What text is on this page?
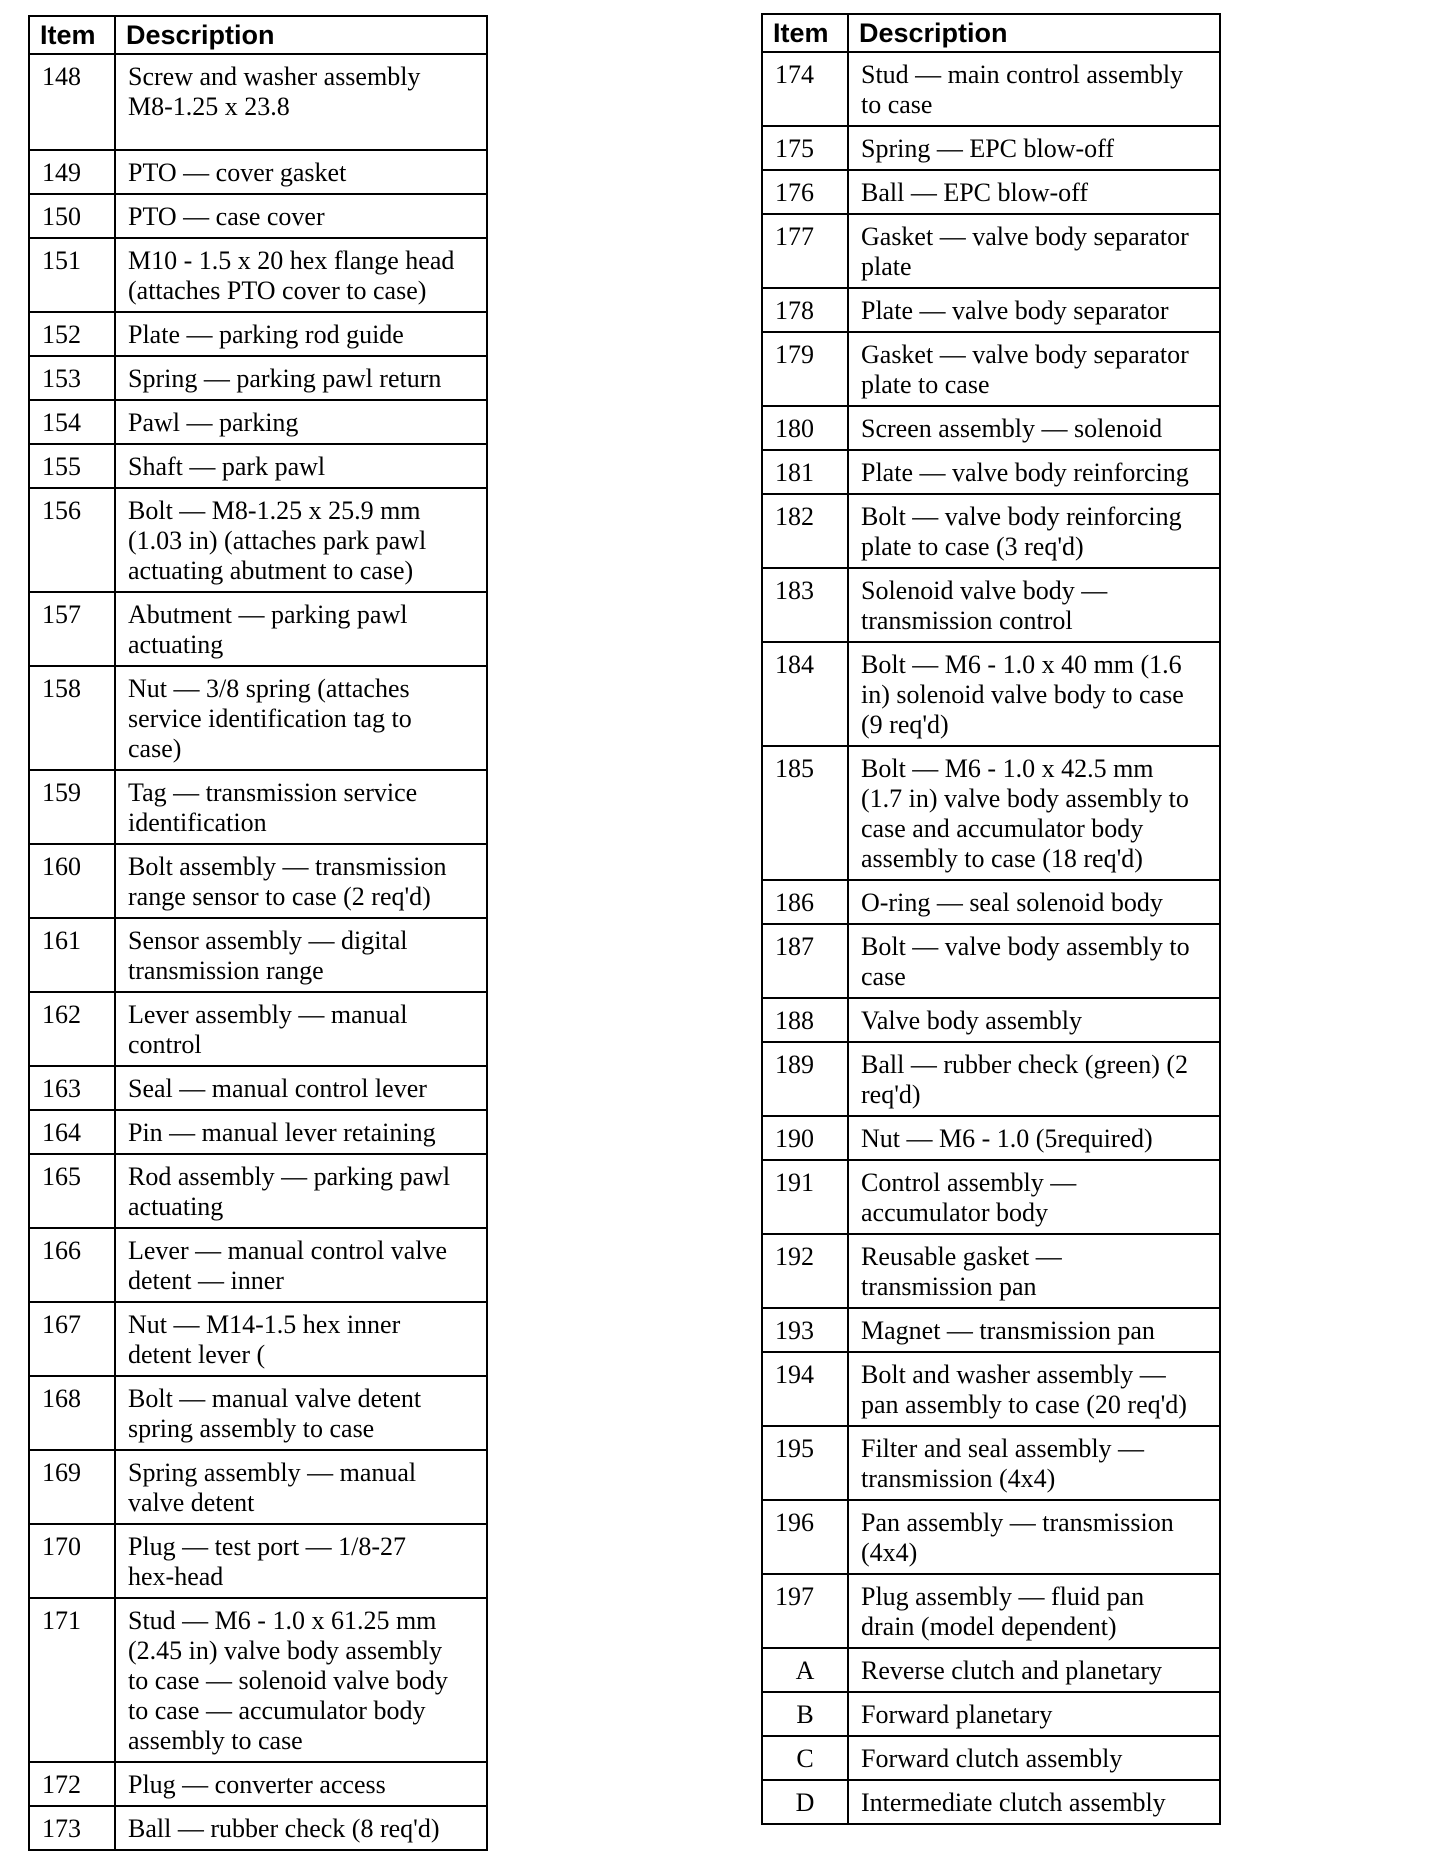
Item	Description
148	Screw and washer assembly
M8-1.25 x 23.8
149	PTO — cover gasket
150	PTO — case cover
151	M10 - 1.5 x 20 hex flange head
(attaches PTO cover to case)
152	Plate — parking rod guide
153	Spring — parking pawl return
154	Pawl — parking
155	Shaft — park pawl
156	Bolt — M8-1.25 x 25.9 mm
(1.03 in) (attaches park pawl
actuating abutment to case)
157	Abutment — parking pawl
actuating
158	Nut — 3/8 spring (attaches
service identification tag to
case)
159	Tag — transmission service
identification
160	Bolt assembly — transmission
range sensor to case (2 req'd)
161	Sensor assembly — digital
transmission range
162	Lever assembly — manual
control
163	Seal — manual control lever
164	Pin — manual lever retaining
165	Rod assembly — parking pawl
actuating
166	Lever — manual control valve
detent — inner
167	Nut — M14-1.5 hex inner
detent lever (
168	Bolt — manual valve detent
spring assembly to case
169	Spring assembly — manual
valve detent
170	Plug — test port — 1/8-27
hex-head
171	Stud — M6 - 1.0 x 61.25 mm
(2.45 in) valve body assembly
to case — solenoid valve body
to case — accumulator body
assembly to case
172	Plug — converter access
173	Ball — rubber check (8 req'd)
Item	Description
174	Stud — main control assembly
to case
175	Spring — EPC blow-off
176	Ball — EPC blow-off
177	Gasket — valve body separator
plate
178	Plate — valve body separator
179	Gasket — valve body separator
plate to case
180	Screen assembly — solenoid
181	Plate — valve body reinforcing
182	Bolt — valve body reinforcing
plate to case (3 req'd)
183	Solenoid valve body —
transmission control
184	Bolt — M6 - 1.0 x 40 mm (1.6
in) solenoid valve body to case
(9 req'd)
185	Bolt — M6 - 1.0 x 42.5 mm
(1.7 in) valve body assembly to
case and accumulator body
assembly to case (18 req'd)
186	O-ring — seal solenoid body
187	Bolt — valve body assembly to
case
188	Valve body assembly
189	Ball — rubber check (green) (2
req'd)
190	Nut — M6 - 1.0 (5required)
191	Control assembly —
accumulator body
192	Reusable gasket —
transmission pan
193	Magnet — transmission pan
194	Bolt and washer assembly —
pan assembly to case (20 req'd)
195	Filter and seal assembly —
transmission (4x4)
196	Pan assembly — transmission
(4x4)
197	Plug assembly — fluid pan
drain (model dependent)
A	Reverse clutch and planetary
B	Forward planetary
C	Forward clutch assembly
D	Intermediate clutch assembly
